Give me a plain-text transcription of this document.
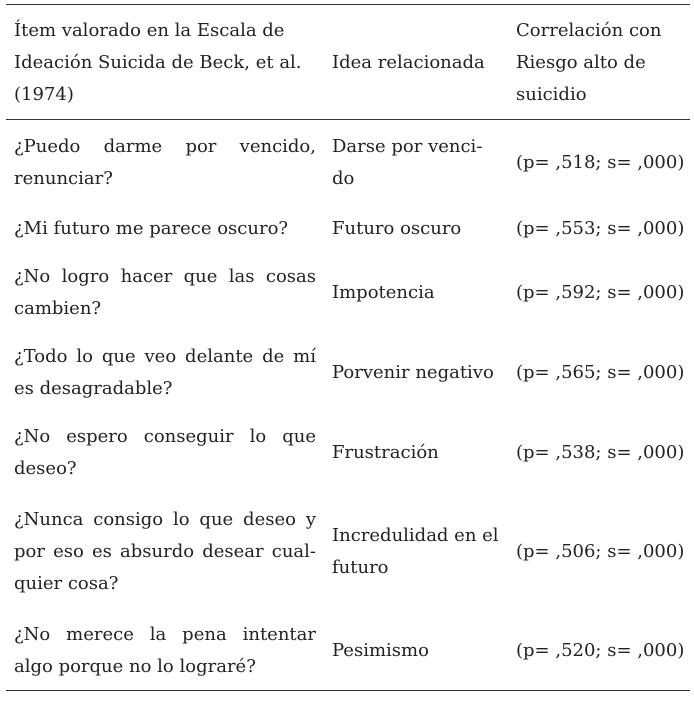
Ítem valorado en la Escala de Ideación Suicida de Beck, et al. (1974)	Idea relacionada	Correlación con Riesgo alto de suicidio
¿Puedo darme por vencido, renunciar?	Darse por venci-do	(p= ,518; s= ,000)
¿Mi futuro me parece oscuro?	Futuro oscuro	(p= ,553; s= ,000)
¿No logro hacer que las cosas cambien?	Impotencia	(p= ,592; s= ,000)
¿Todo lo que veo delante de mí es desagradable?	Porvenir negativo	(p= ,565; s= ,000)
¿No espero conseguir lo que deseo?	Frustración	(p= ,538; s= ,000)
¿Nunca consigo lo que deseo y por eso es absurdo desear cual-quier cosa?	Incredulidad en el futuro	(p= ,506; s= ,000)
¿No merece la pena intentar algo porque no lo lograré?	Pesimismo	(p= ,520; s= ,000)
